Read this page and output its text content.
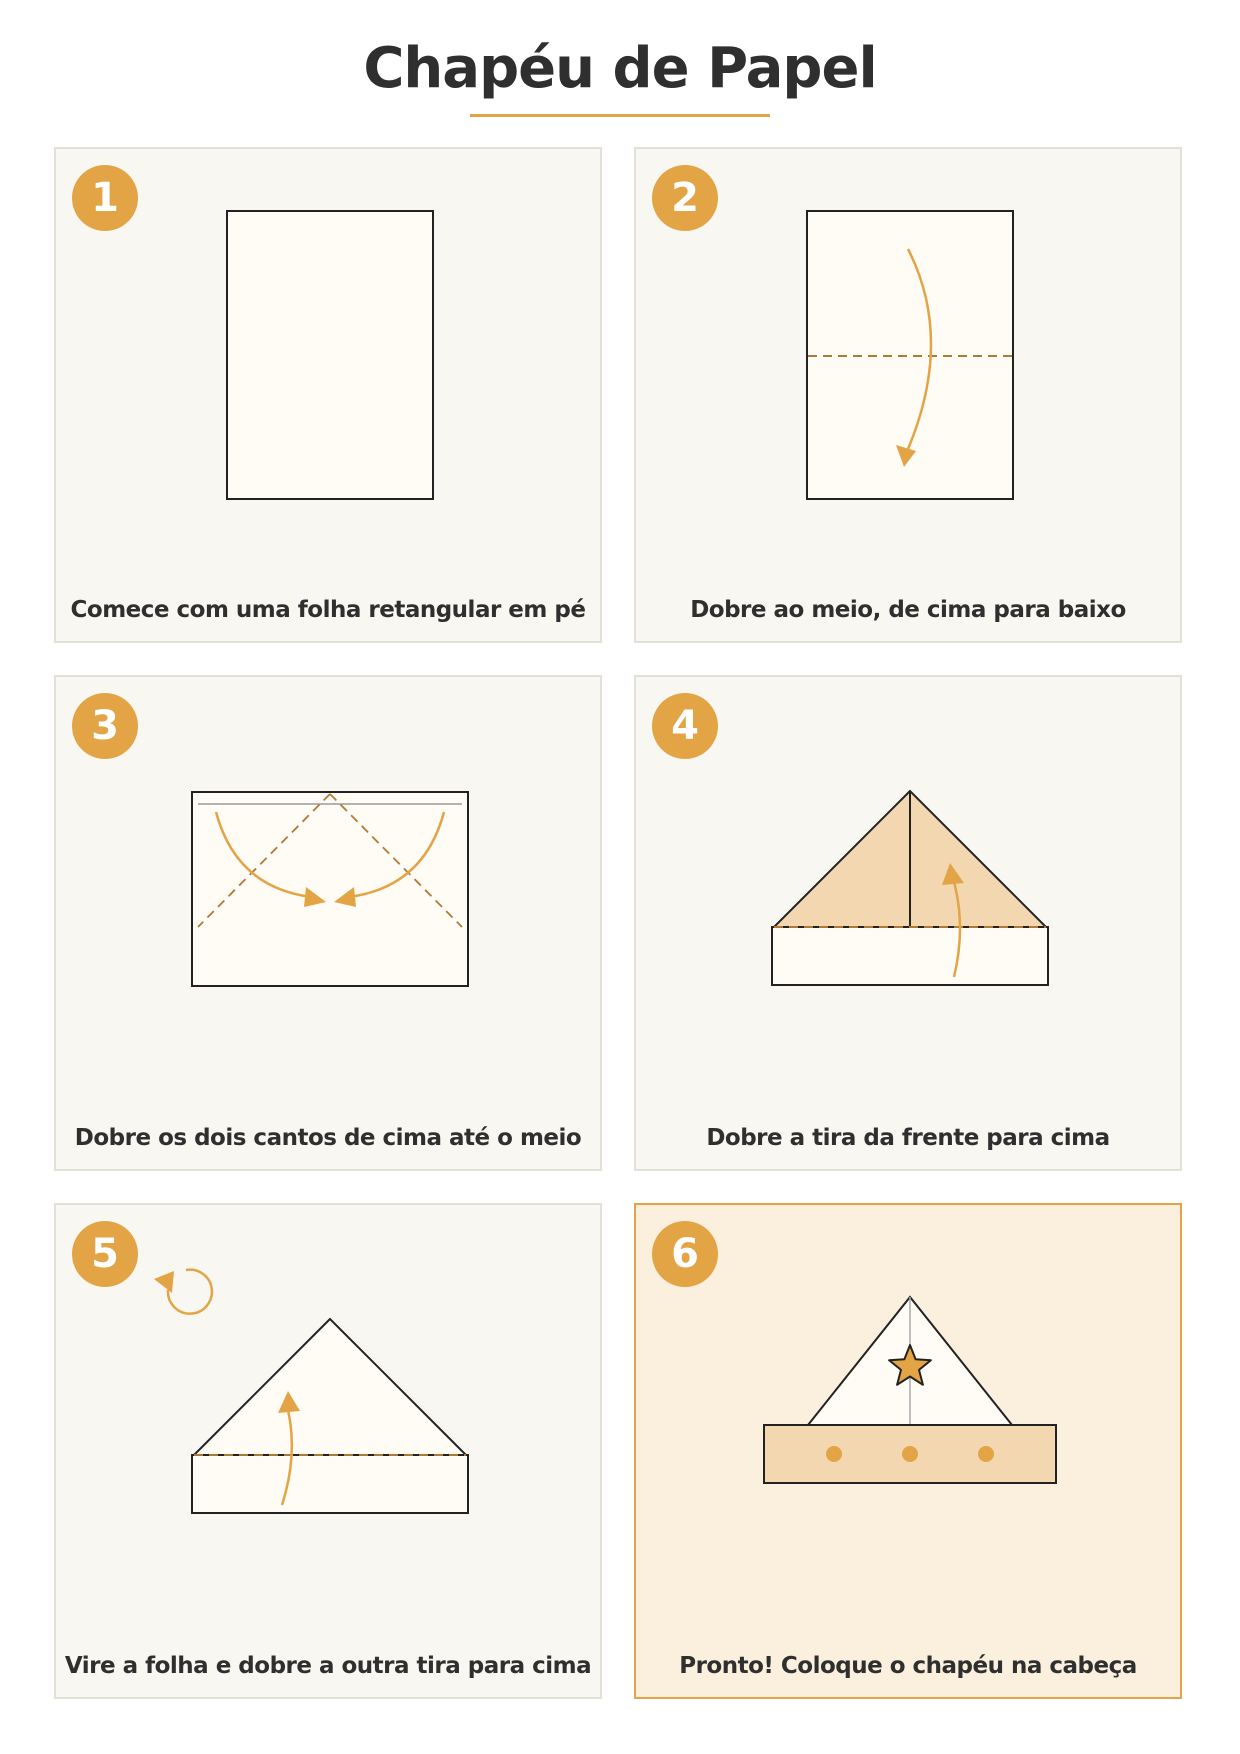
Chapéu de Papel
1
Comece com uma folha retangular em pé
2
Dobre ao meio, de cima para baixo
3
Dobre os dois cantos de cima até o meio
4
Dobre a tira da frente para cima
5
Vire a folha e dobre a outra tira para cima
6
Pronto! Coloque o chapéu na cabeça
